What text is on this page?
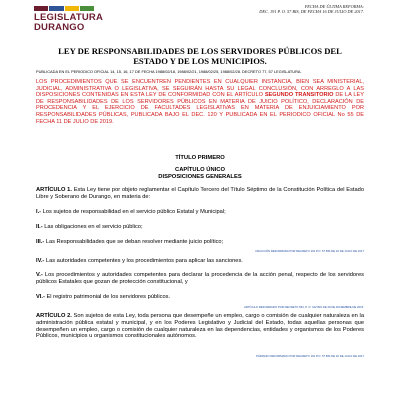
LEGISLATURA
DURANGO
FECHA DE ÚLTIMA REFORMA:
DEC. 191 P. O. 57 BIS, DE FECHA 16 DE JULIO DE 2017.
LEY DE RESPONSABILIDADES DE LOS SERVIDORES PÚBLICOS DEL
ESTADO Y DE LOS MUNICIPIOS.
PUBLICADA EN EL PERIODICO OFICIAL 14, 15, 16, 17 DE FECHA 1988/02/18, 1988/02/21, 1988/02/25, 1988/02/28. DECRETO 77, 57 LEGISLATURA.
LOS PROCEDIMIENTOS QUE SE ENCUENTREN PENDIENTES EN CUALQUIER INSTANCIA, BIEN SEA MINISTERIAL, JUDICIAL, ADMINISTRATIVA O LEGISLATIVA, SE SEGUIRÁN HASTA SU LEGAL CONCLUSIÓN, CON ARREGLO A LAS DISPOSICIONES CONTENIDAS EN ESTA LEY DE CONFORMIDAD CON EL ARTÍCULO SEGUNDO TRANSITORIO DE LA LEY DE RESPONSABILIDADES DE LOS SERVIDORES PÚBLICOS EN MATERIA DE JUICIO POLÍTICO, DECLARACIÓN DE PROCEDENCIA Y EL EJERCICIO DE FACULTADES LEGISLATIVAS EN MATERIA DE ENJUICIAMIENTO POR RESPONSABILIDADES PÚBLICAS, PUBLICADA BAJO EL DEC. 120 Y PUBLICADA EN EL PERIODICO OFICIAL No 55 DE FECHA 11 DE JULIO DE 2019.
TÍTULO PRIMERO
CAPÍTULO ÚNICO
DISPOSICIONES GENERALES
ARTÍCULO 1. Esta Ley tiene por objeto reglamentar el Capítulo Tercero del Título Séptimo de la Constitución Política del Estado Libre y Soberano de Durango, en materia de:
I.- Los sujetos de responsabilidad en el servicio público Estatal y Municipal;
II.- Las obligaciones en el servicio público;
III.- Las Responsabilidades que se deban resolver mediante juicio político;
FRACCIÓN REFORMADA POR DECRETO 191 P.O. 57 BIS DE 16 DE JULIO DE 2017
IV.- Las autoridades competentes y los procedimientos para aplicar las sanciones.
V.- Los procedimientos y autoridades competentes para declarar la procedencia de la acción penal, respecto de los servidores públicos Estatales que gozan de protección constitucional, y
VI.- El registro patrimonial de los servidores públicos.
ARTÍCULO REFORMADO POR DECRETO 534, P. O. 102 BIS DE 20 DE DICIEMBRE DE 2015.
ARTÍCULO 2. Son sujetos de esta Ley, toda persona que desempeñe un empleo, cargo o comisión de cualquier naturaleza en la administración pública estatal y municipal, y en los Poderes Legislativo y Judicial del Estado, todas aquellas personas que desempeñen un empleo, cargo o comisión de cualquier naturaleza en las dependencias, entidades y organismos de los Poderes Públicos, municipios u organismos constitucionales autónomos.
PÁRRAFO REFORMADO POR DECRETO 191 P.O. 57 BIS DE 16 DE JULIO DE 2017
